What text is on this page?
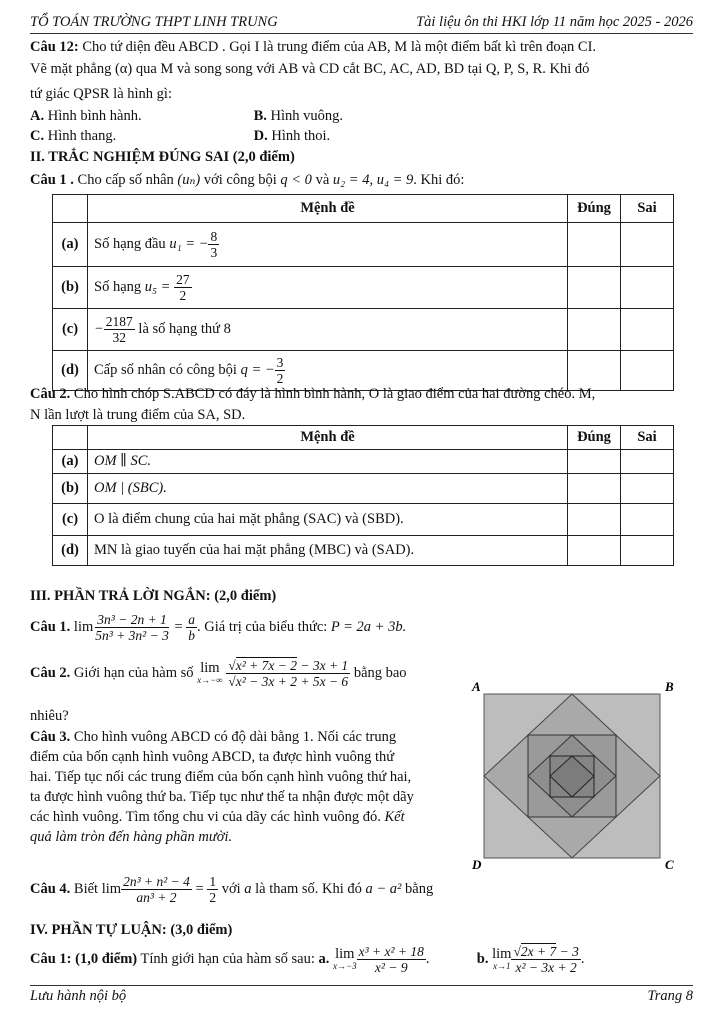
TỔ TOÁN TRƯỜNG THPT LINH TRUNG	Tài liệu ôn thi HKI lớp 11 năm học 2025 - 2026
Câu 12: Cho tứ diện đều ABCD . Gọi I là trung điểm của AB, M là một điểm bất kì trên đoạn CI.
Vẽ mặt phẳng (α) qua M và song song với AB và CD cắt BC, AC, AD, BD tại Q, P, S, R. Khi đó
tứ giác QPSR là hình gì:
A. Hình bình hành.	B. Hình vuông.
C. Hình thang.	D. Hình thoi.
II. TRẮC NGHIỆM ĐÚNG SAI (2,0 điểm)
Câu 1 . Cho cấp số nhân (uₙ) với công bội q < 0 và u₂ = 4, u₄ = 9. Khi đó:
	Mệnh đề	Đúng	Sai
(a)	Số hạng đầu u₁ = − $\frac{8}{3}$

(b)	Số hạng $u_5 = \frac{27}{2}$

(c)	− $\frac{2187}{32}$ là số hạng thứ 8		
(d)	Cấp số nhân có công bội q = − $\frac{3}{2}$

Câu 2. Cho hình chóp S.ABCD có đáy là hình bình hành, O là giao điểm của hai đường chéo. M,
N lần lượt là trung điểm của SA, SD.
	Mệnh đề	Đúng	Sai
(a)	OM ∥ SC.		
(b)	OM | (SBC).		
(c)	O là điểm chung của hai mặt phẳng (SAC) và (SBD).		
(d)	MN là giao tuyến của hai mặt phẳng (MBC) và (SAD).		
III. PHẦN TRẢ LỜI NGẮN: (2,0 điểm)
Câu 1. $\lim \frac{\text{3n³ − 2n + 1}}{\text{5n³ + 3n² − 3}} = \frac{a}{b}$ . Giá trị của biểu thức: P = 2a + 3b.
Câu 2. Giới hạn của hàm số lim
x→−∞
$\frac{\text{√x² + 7x − 2 − 3x + 1}}{\text{√x² − 3x + 2 + 5x − 6}}$ bằng bao
nhiêu?
Câu 3. Cho hình vuông ABCD có độ dài bằng 1. Nối các trung
điểm của bốn cạnh hình vuông ABCD, ta được hình vuông thứ
hai. Tiếp tục nối các trung điểm của bốn cạnh hình vuông thứ hai,
ta được hình vuông thứ ba. Tiếp tục như thế ta nhận được một dãy
các hình vuông. Tìm tổng chu vi của dãy các hình vuông đó. Kết
quả làm tròn đến hàng phần mười.
A	B
D	C
Câu 4. Biết $\lim \frac{\text{2n³ + n² − 4}}{\text{an³ + 2}} = \frac{1}{2}$ với a là tham số. Khi đó a − a² bằng
IV. PHẦN TỰ LUẬN: (3,0 điểm)
Câu 1: (1,0 điểm) Tính giới hạn của hàm số sau: a. lim
$x\to-3 \frac{\text{x³ + x² + 18}}{\text{x² − 9}}$ .	b. lim
$x\to 1 \frac{√2x + 7 - 3}{\text{x² − 3x + 2}}$ .
Lưu hành nội bộ	Trang 8
